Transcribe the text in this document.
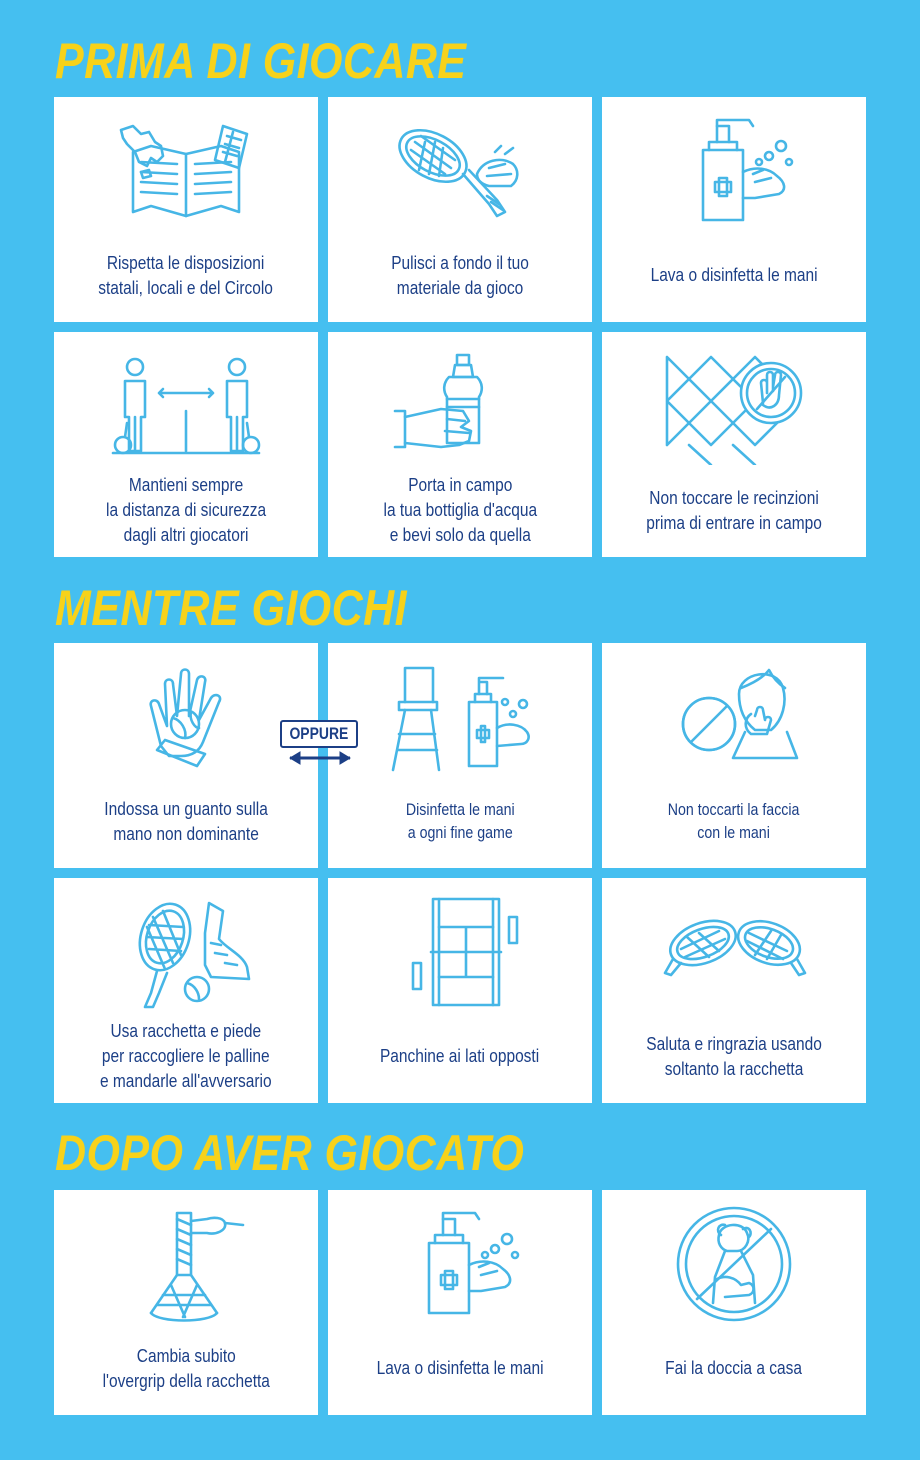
PRIMA DI GIOCARE
MENTRE GIOCHI
DOPO AVER GIOCATO
Rispetta le disposizioni
statali, locali e del Circolo
Pulisci a fondo il tuo
materiale da gioco
Lava o disinfetta le mani
Mantieni sempre
la distanza di sicurezza
dagli altri giocatori
Porta in campo
la tua bottiglia d'acqua
e bevi solo da quella
Non toccare le recinzioni
prima di entrare in campo
Indossa un guanto sulla
mano non dominante
Disinfetta le mani
a ogni fine game
Non toccarti la faccia
con le mani
Usa racchetta e piede
per raccogliere le palline
e mandarle all'avversario
Panchine ai lati opposti
Saluta e ringrazia usando
soltanto la racchetta
Cambia subito
l'overgrip della racchetta
Lava o disinfetta le mani	Fai la doccia a casa
OPPURE
